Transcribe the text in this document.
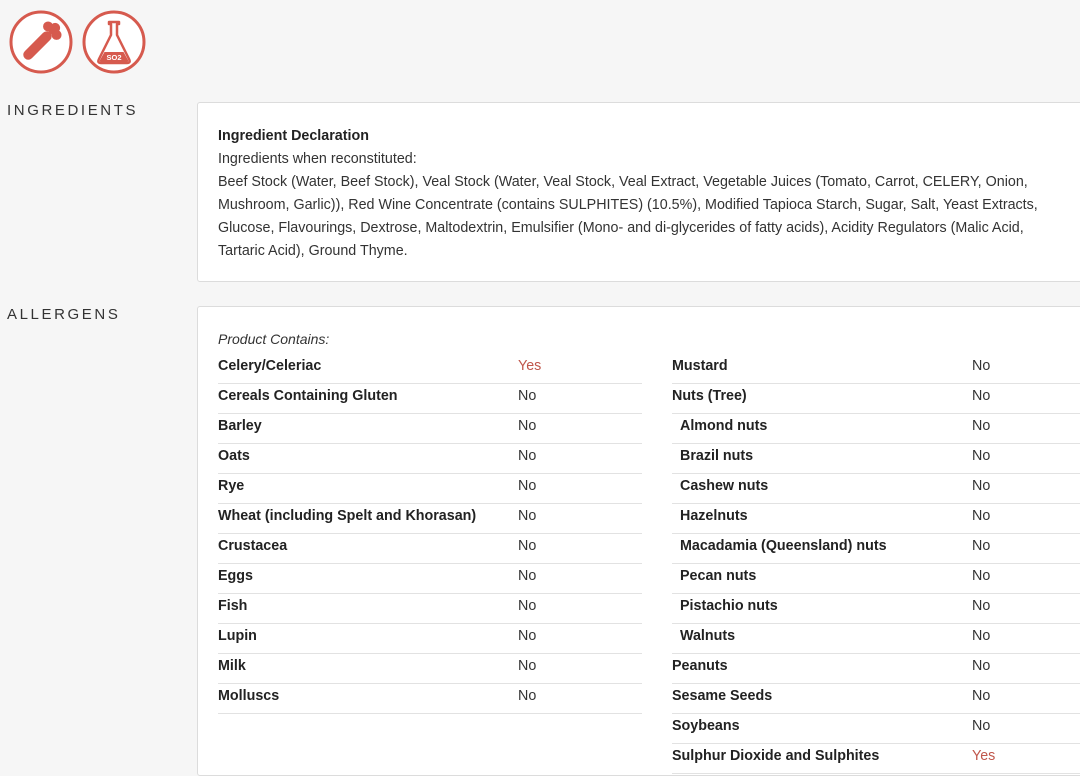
SO2
INGREDIENTS
Ingredient Declaration
Ingredients when reconstituted:
Beef Stock (Water, Beef Stock), Veal Stock (Water, Veal Stock, Veal Extract, Vegetable Juices (Tomato, Carrot, CELERY, Onion, Mushroom, Garlic)), Red Wine Concentrate (contains SULPHITES) (10.5%), Modified Tapioca Starch, Sugar, Salt, Yeast Extracts, Glucose, Flavourings, Dextrose, Maltodextrin, Emulsifier (Mono- and di-glycerides of fatty acids), Acidity Regulators (Malic Acid, Tartaric Acid), Ground Thyme.
ALLERGENS
Product Contains:
Celery/Celeriac	Yes
Cereals Containing Gluten	No
Barley	No
Oats	No
Rye	No
Wheat (including Spelt and Khorasan)	No
Crustacea	No
Eggs	No
Fish	No
Lupin	No
Milk	No
Molluscs	No
Mustard	No
Nuts (Tree)	No
Almond nuts	No
Brazil nuts	No
Cashew nuts	No
Hazelnuts	No
Macadamia (Queensland) nuts	No
Pecan nuts	No
Pistachio nuts	No
Walnuts	No
Peanuts	No
Sesame Seeds	No
Soybeans	No
Sulphur Dioxide and Sulphites	Yes
